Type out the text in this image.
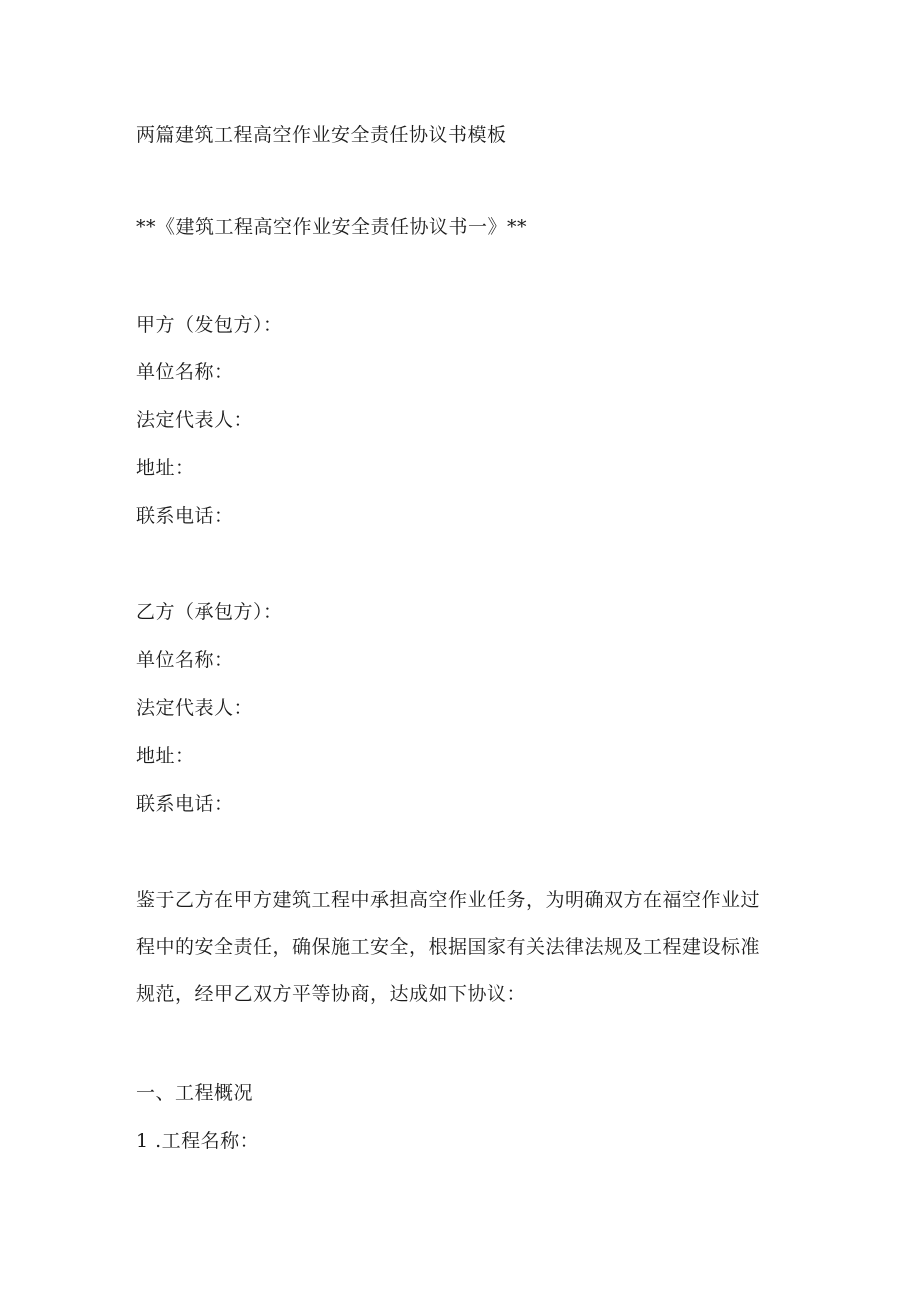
两篇建筑工程高空作业安全责任协议书模板
**《建筑工程高空作业安全责任协议书一》**
甲方（发包方）：
单位名称：
法定代表人：
地址：
联系电话：
乙方（承包方）：
单位名称：
法定代表人：
地址：
联系电话：
鉴于乙方在甲方建筑工程中承担高空作业任务，为明确双方在福空作业过
程中的安全责任，确保施工安全，根据国家有关法律法规及工程建设标准
规范，经甲乙双方平等协商，达成如下协议：
一、工程概况
1 .工程名称：
